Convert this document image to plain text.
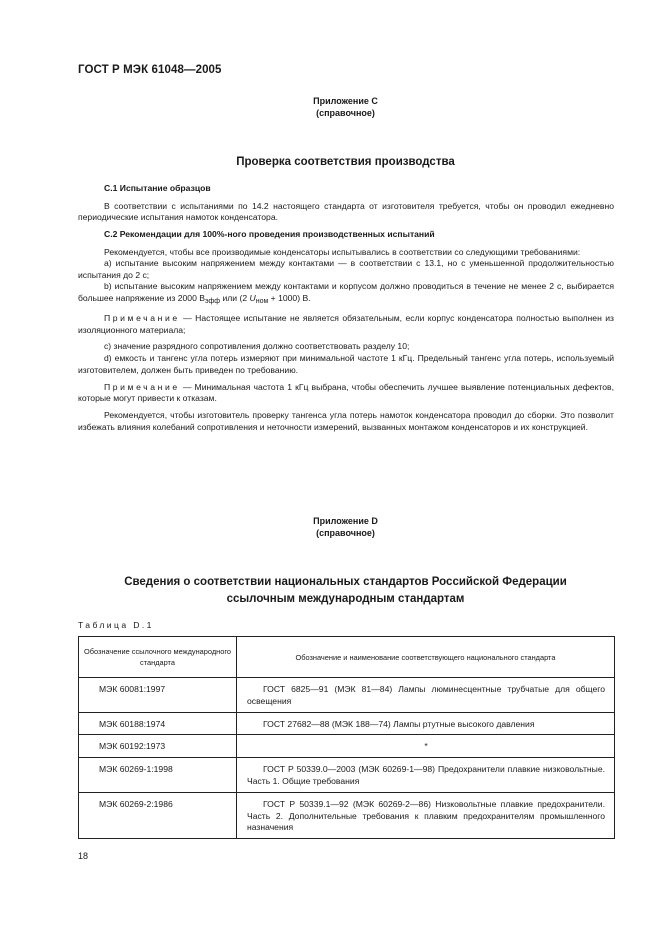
ГОСТ Р МЭК 61048—2005
Приложение C
(справочное)
Проверка соответствия производства

C.1 Испытание образцов

В соответствии с испытаниями по 14.2 настоящего стандарта от изготовителя требуется, чтобы он проводил ежедневно периодические испытания намоток конденсатора.

C.2 Рекомендации для 100%-ного проведения производственных испытаний

Рекомендуется, чтобы все производимые конденсаторы испытывались в соответствии со следующими требованиями:

а) испытание высоким напряжением между контактами — в соответствии с 13.1, но с уменьшенной продолжительностью испытания до 2 с;

b) испытание высоким напряжением между контактами и корпусом должно проводиться в течение не менее 2 с, выбирается большее напряжение из 2000 $В_{эфф}$ или (2 $U_{ном} + 1000$) В.

Примечание — Настоящее испытание не является обязательным, если корпус конденсатора полностью выполнен из изоляционного материала;

c) значение разрядного сопротивления должно соответствовать разделу 10;

d) емкость и тангенс угла потерь измеряют при минимальной частоте 1 кГц. Предельный тангенс угла потерь, используемый изготовителем, должен быть приведен по требованию.

Примечание — Минимальная частота 1 кГц выбрана, чтобы обеспечить лучшее выявление потенциальных дефектов, которые могут привести к отказам.

Рекомендуется, чтобы изготовитель проверку тангенса угла потерь намоток конденсатора проводил до сборки. Это позволит избежать влияния колебаний сопротивления и неточности измерений, вызванных монтажом конденсаторов и их конструкцией.

Приложение D
(справочное)
Сведения о соответствии национальных стандартов Российской Федерации
ссылочным международным стандартам
Таблица D.1
Обозначение ссылочного международного стандарта	Обозначение и наименование соответствующего национального стандарта
МЭК 60081:1997	ГОСТ 6825—91 (МЭК 81—84) Лампы люминесцентные трубчатые для общего освещения
МЭК 60188:1974	ГОСТ 27682—88 (МЭК 188—74) Лампы ртутные высокого давления
МЭК 60192:1973	*
МЭК 60269-1:1998	ГОСТ Р 50339.0—2003 (МЭК 60269-1—98) Предохранители плавкие низковольтные. Часть 1. Общие требования
МЭК 60269-2:1986	ГОСТ Р 50339.1—92 (МЭК 60269-2—86) Низковольтные плавкие предохранители. Часть 2. Дополнительные требования к плавким предохранителям промышленного назначения
18
